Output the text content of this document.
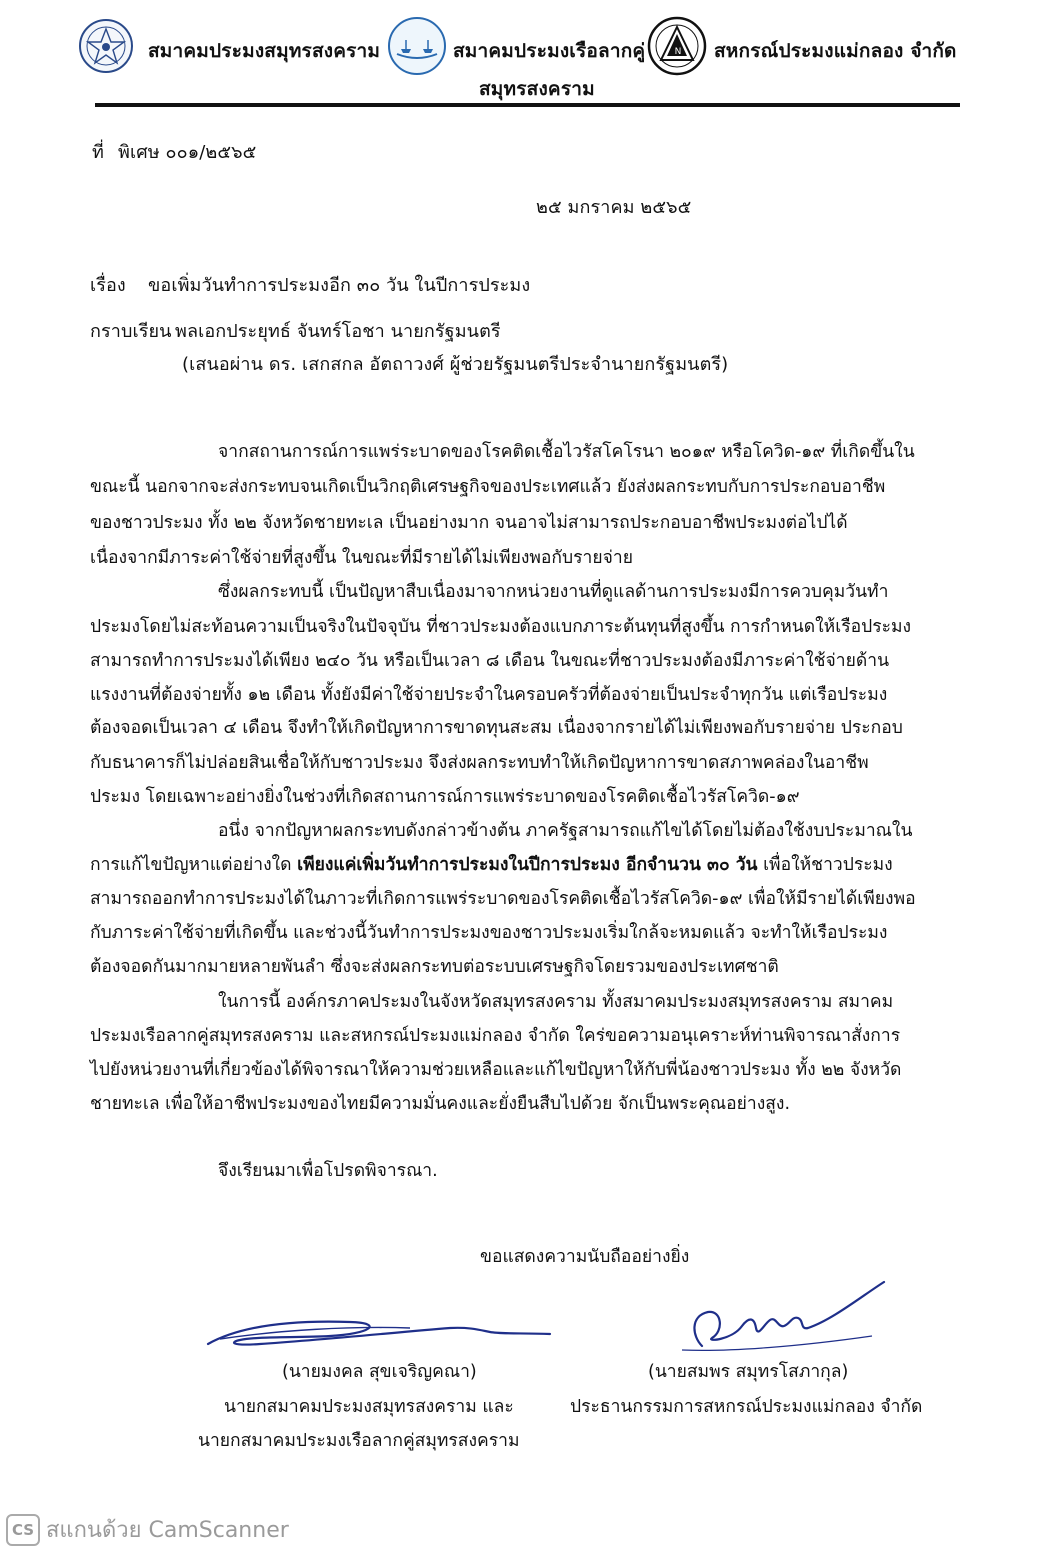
สมาคมประมงสมุทรสงคราม	สมาคมประมงเรือลากคู่
สมุทรสงคราม
N สหกรณ์ประมงแม่กลอง จำกัด
ที่ พิเศษ ๐๐๑/๒๕๖๕
๒๕ มกราคม ๒๕๖๕
เรื่อง ขอเพิ่มวันทำการประมงอีก ๓๐ วัน ในปีการประมง
กราบเรียน พลเอกประยุทธ์ จันทร์โอชา นายกรัฐมนตรี
(เสนอผ่าน ดร. เสกสกล อัตถาวงศ์ ผู้ช่วยรัฐมนตรีประจำนายกรัฐมนตรี)
จากสถานการณ์การแพร่ระบาดของโรคติดเชื้อไวรัสโคโรนา ๒๐๑๙ หรือโควิด-๑๙ ที่เกิดขึ้นใน
ขณะนี้ นอกจากจะส่งกระทบจนเกิดเป็นวิกฤติเศรษฐกิจของประเทศแล้ว ยังส่งผลกระทบกับการประกอบอาชีพ
ของชาวประมง ทั้ง ๒๒ จังหวัดชายทะเล เป็นอย่างมาก จนอาจไม่สามารถประกอบอาชีพประมงต่อไปได้
เนื่องจากมีภาระค่าใช้จ่ายที่สูงขึ้น ในขณะที่มีรายได้ไม่เพียงพอกับรายจ่าย
ซึ่งผลกระทบนี้ เป็นปัญหาสืบเนื่องมาจากหน่วยงานที่ดูแลด้านการประมงมีการควบคุมวันทำ
ประมงโดยไม่สะท้อนความเป็นจริงในปัจจุบัน ที่ชาวประมงต้องแบกภาระต้นทุนที่สูงขึ้น การกำหนดให้เรือประมง
สามารถทำการประมงได้เพียง ๒๔๐ วัน หรือเป็นเวลา ๘ เดือน ในขณะที่ชาวประมงต้องมีภาระค่าใช้จ่ายด้าน
แรงงานที่ต้องจ่ายทั้ง ๑๒ เดือน ทั้งยังมีค่าใช้จ่ายประจำในครอบครัวที่ต้องจ่ายเป็นประจำทุกวัน แต่เรือประมง
ต้องจอดเป็นเวลา ๔ เดือน จึงทำให้เกิดปัญหาการขาดทุนสะสม เนื่องจากรายได้ไม่เพียงพอกับรายจ่าย ประกอบ
กับธนาคารก็ไม่ปล่อยสินเชื่อให้กับชาวประมง จึงส่งผลกระทบทำให้เกิดปัญหาการขาดสภาพคล่องในอาชีพ
ประมง โดยเฉพาะอย่างยิ่งในช่วงที่เกิดสถานการณ์การแพร่ระบาดของโรคติดเชื้อไวรัสโควิด-๑๙
อนึ่ง จากปัญหาผลกระทบดังกล่าวข้างต้น ภาครัฐสามารถแก้ไขได้โดยไม่ต้องใช้งบประมาณใน
การแก้ไขปัญหาแต่อย่างใด เพียงแค่เพิ่มวันทำการประมงในปีการประมง อีกจำนวน ๓๐ วัน เพื่อให้ชาวประมง
สามารถออกทำการประมงได้ในภาวะที่เกิดการแพร่ระบาดของโรคติดเชื้อไวรัสโควิด-๑๙ เพื่อให้มีรายได้เพียงพอ
กับภาระค่าใช้จ่ายที่เกิดขึ้น และช่วงนี้วันทำการประมงของชาวประมงเริ่มใกล้จะหมดแล้ว จะทำให้เรือประมง
ต้องจอดกันมากมายหลายพันลำ ซึ่งจะส่งผลกระทบต่อระบบเศรษฐกิจโดยรวมของประเทศชาติ
ในการนี้ องค์กรภาคประมงในจังหวัดสมุทรสงคราม ทั้งสมาคมประมงสมุทรสงคราม สมาคม
ประมงเรือลากคู่สมุทรสงคราม และสหกรณ์ประมงแม่กลอง จำกัด ใคร่ขอความอนุเคราะห์ท่านพิจารณาสั่งการ
ไปยังหน่วยงานที่เกี่ยวข้องได้พิจารณาให้ความช่วยเหลือและแก้ไขปัญหาให้กับพี่น้องชาวประมง ทั้ง ๒๒ จังหวัด
ชายทะเล เพื่อให้อาชีพประมงของไทยมีความมั่นคงและยั่งยืนสืบไปด้วย จักเป็นพระคุณอย่างสูง.
จึงเรียนมาเพื่อโปรดพิจารณา.
ขอแสดงความนับถืออย่างยิ่ง
(นายมงคล สุขเจริญคณา)
นายกสมาคมประมงสมุทรสงคราม และ
นายกสมาคมประมงเรือลากคู่สมุทรสงคราม
(นายสมพร สมุทรโสภากุล)
ประธานกรรมการสหกรณ์ประมงแม่กลอง จำกัด
CS สแกนด้วย CamScanner
